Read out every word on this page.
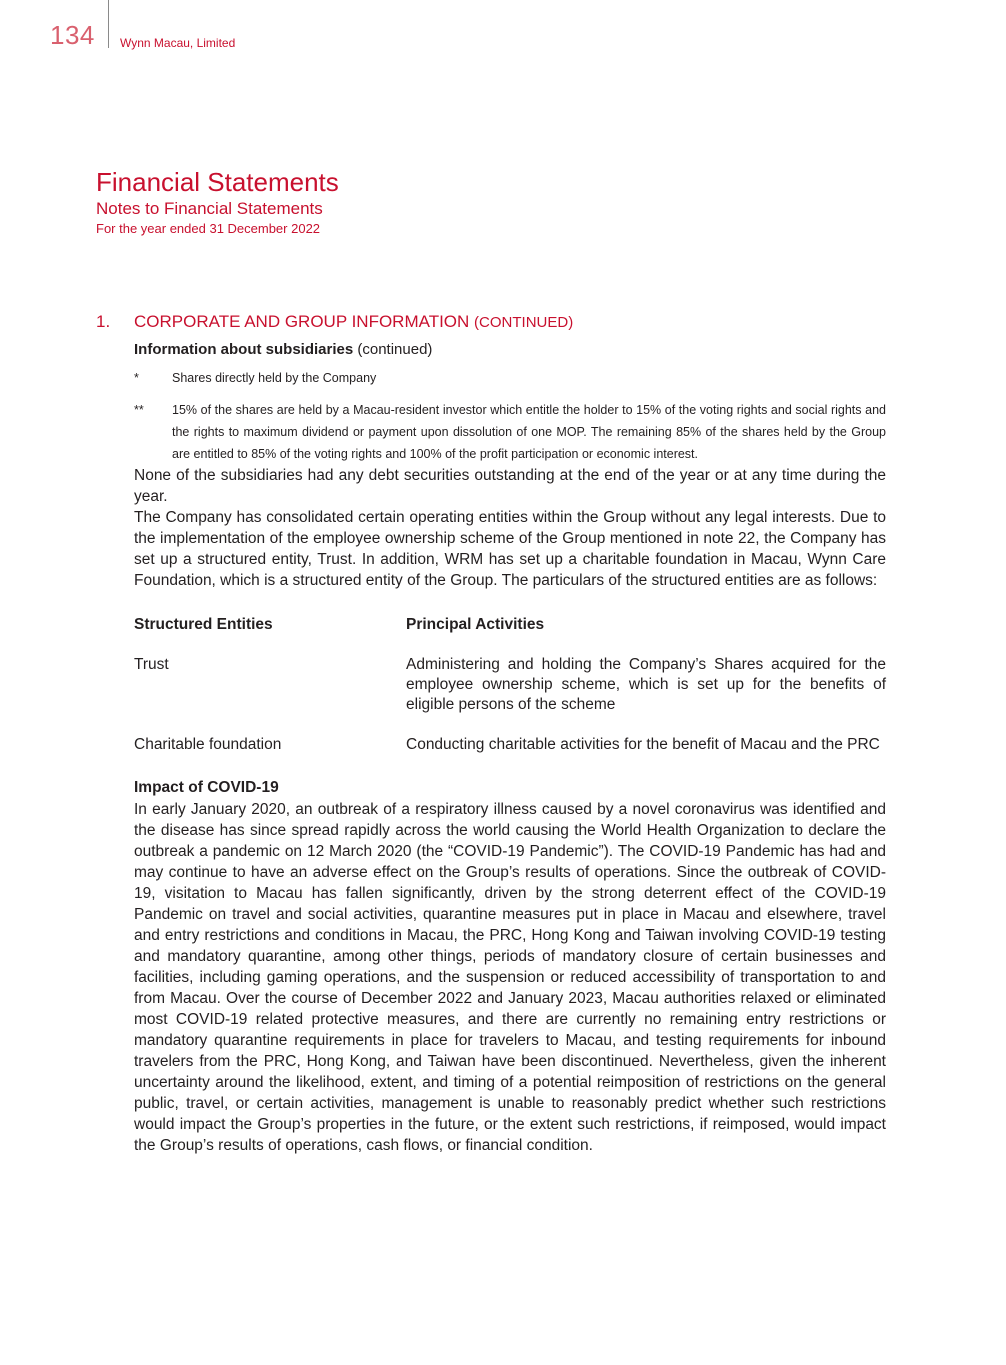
134 Wynn Macau, Limited
Financial Statements
Notes to Financial Statements
For the year ended 31 December 2022
1.	CORPORATE AND GROUP INFORMATION (CONTINUED)
Information about subsidiaries (continued)
*	Shares directly held by the Company
**	15% of the shares are held by a Macau-resident investor which entitle the holder to 15% of the voting rights and social rights and the rights to maximum dividend or payment upon dissolution of one MOP. The remaining 85% of the shares held by the Group are entitled to 85% of the voting rights and 100% of the profit participation or economic interest.

None of the subsidiaries had any debt securities outstanding at the end of the year or at any time during the year.

The Company has consolidated certain operating entities within the Group without any legal interests. Due to the implementation of the employee ownership scheme of the Group mentioned in note 22, the Company has set up a structured entity, Trust. In addition, WRM has set up a charitable foundation in Macau, Wynn Care Foundation, which is a structured entity of the Group. The particulars of the structured entities are as follows:

Structured Entities	Principal Activities
Trust	Administering and holding the Company’s Shares acquired for the employee ownership scheme, which is set up for the benefits of eligible persons of the scheme
Charitable foundation	Conducting charitable activities for the benefit of Macau and the PRC
Impact of COVID-19

In early January 2020, an outbreak of a respiratory illness caused by a novel coronavirus was identified and the disease has since spread rapidly across the world causing the World Health Organization to declare the outbreak a pandemic on 12 March 2020 (the “COVID-19 Pandemic”). The COVID-19 Pandemic has had and may continue to have an adverse effect on the Group’s results of operations. Since the outbreak of COVID-19, visitation to Macau has fallen significantly, driven by the strong deterrent effect of the COVID-19 Pandemic on travel and social activities, quarantine measures put in place in Macau and elsewhere, travel and entry restrictions and conditions in Macau, the PRC, Hong Kong and Taiwan involving COVID-19 testing and mandatory quarantine, among other things, periods of mandatory closure of certain businesses and facilities, including gaming operations, and the suspension or reduced accessibility of transportation to and from Macau. Over the course of December 2022 and January 2023, Macau authorities relaxed or eliminated most COVID-19 related protective measures, and there are currently no remaining entry restrictions or mandatory quarantine requirements in place for travelers to Macau, and testing requirements for inbound travelers from the PRC, Hong Kong, and Taiwan have been discontinued. Nevertheless, given the inherent uncertainty around the likelihood, extent, and timing of a potential reimposition of restrictions on the general public, travel, or certain activities, management is unable to reasonably predict whether such restrictions would impact the Group’s properties in the future, or the extent such restrictions, if reimposed, would impact the Group’s results of operations, cash flows, or financial condition.
